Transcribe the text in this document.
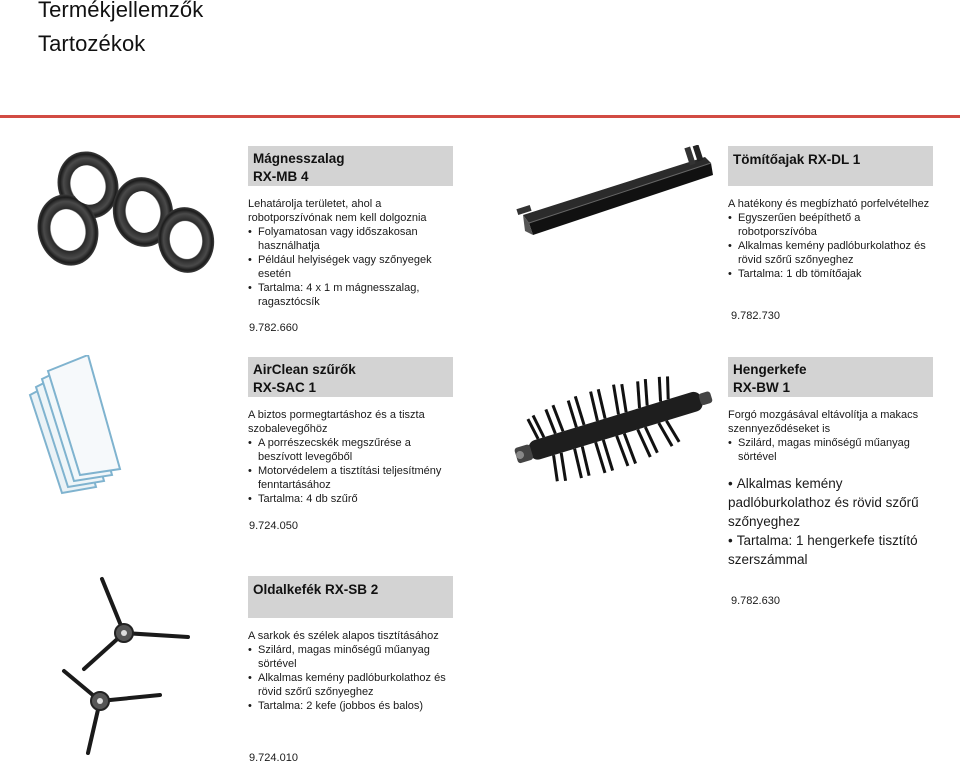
Termékjellemzők
Tartozékok
Mágnesszalag
RX-MB 4
Lehatárolja területet, ahol a robotporszívónak nem kell dolgoznia
• Folyamatosan vagy időszakosan használhatja
• Például helyiségek vagy szőnyegek esetén
• Tartalma: 4 x 1 m mágnesszalag, ragasztócsík
9.782.660
Tömítőajak RX-DL 1
A hatékony és megbízható porfelvételhez
• Egyszerűen beépíthető a robotporszívóba
• Alkalmas kemény padlóburkolathoz és rövid szőrű szőnyeghez
• Tartalma: 1 db tömítőajak
9.782.730
AirClean szűrők
RX-SAC 1
A biztos pormegtartáshoz és a tiszta szobalevegőhöz
• A porrészecskék megszűrése a beszívott levegőből
• Motorvédelem a tisztítási teljesítmény fenntartásához
• Tartalma: 4 db szűrő
9.724.050
Hengerkefe
RX-BW 1
Forgó mozgásával eltávolítja a makacs szennyeződéseket is
• Szilárd, magas minőségű műanyag sörtével
• Alkalmas kemény padlóburkolathoz és rövid szőrű szőnyeghez
• Tartalma: 1 hengerkefe tisztító szerszámmal
9.782.630
Oldalkefék RX-SB 2
A sarkok és szélek alapos tisztításához
• Szilárd, magas minőségű műanyag sörtével
• Alkalmas kemény padlóburkolathoz és rövid szőrű szőnyeghez
• Tartalma: 2 kefe (jobbos és balos)
9.724.010
